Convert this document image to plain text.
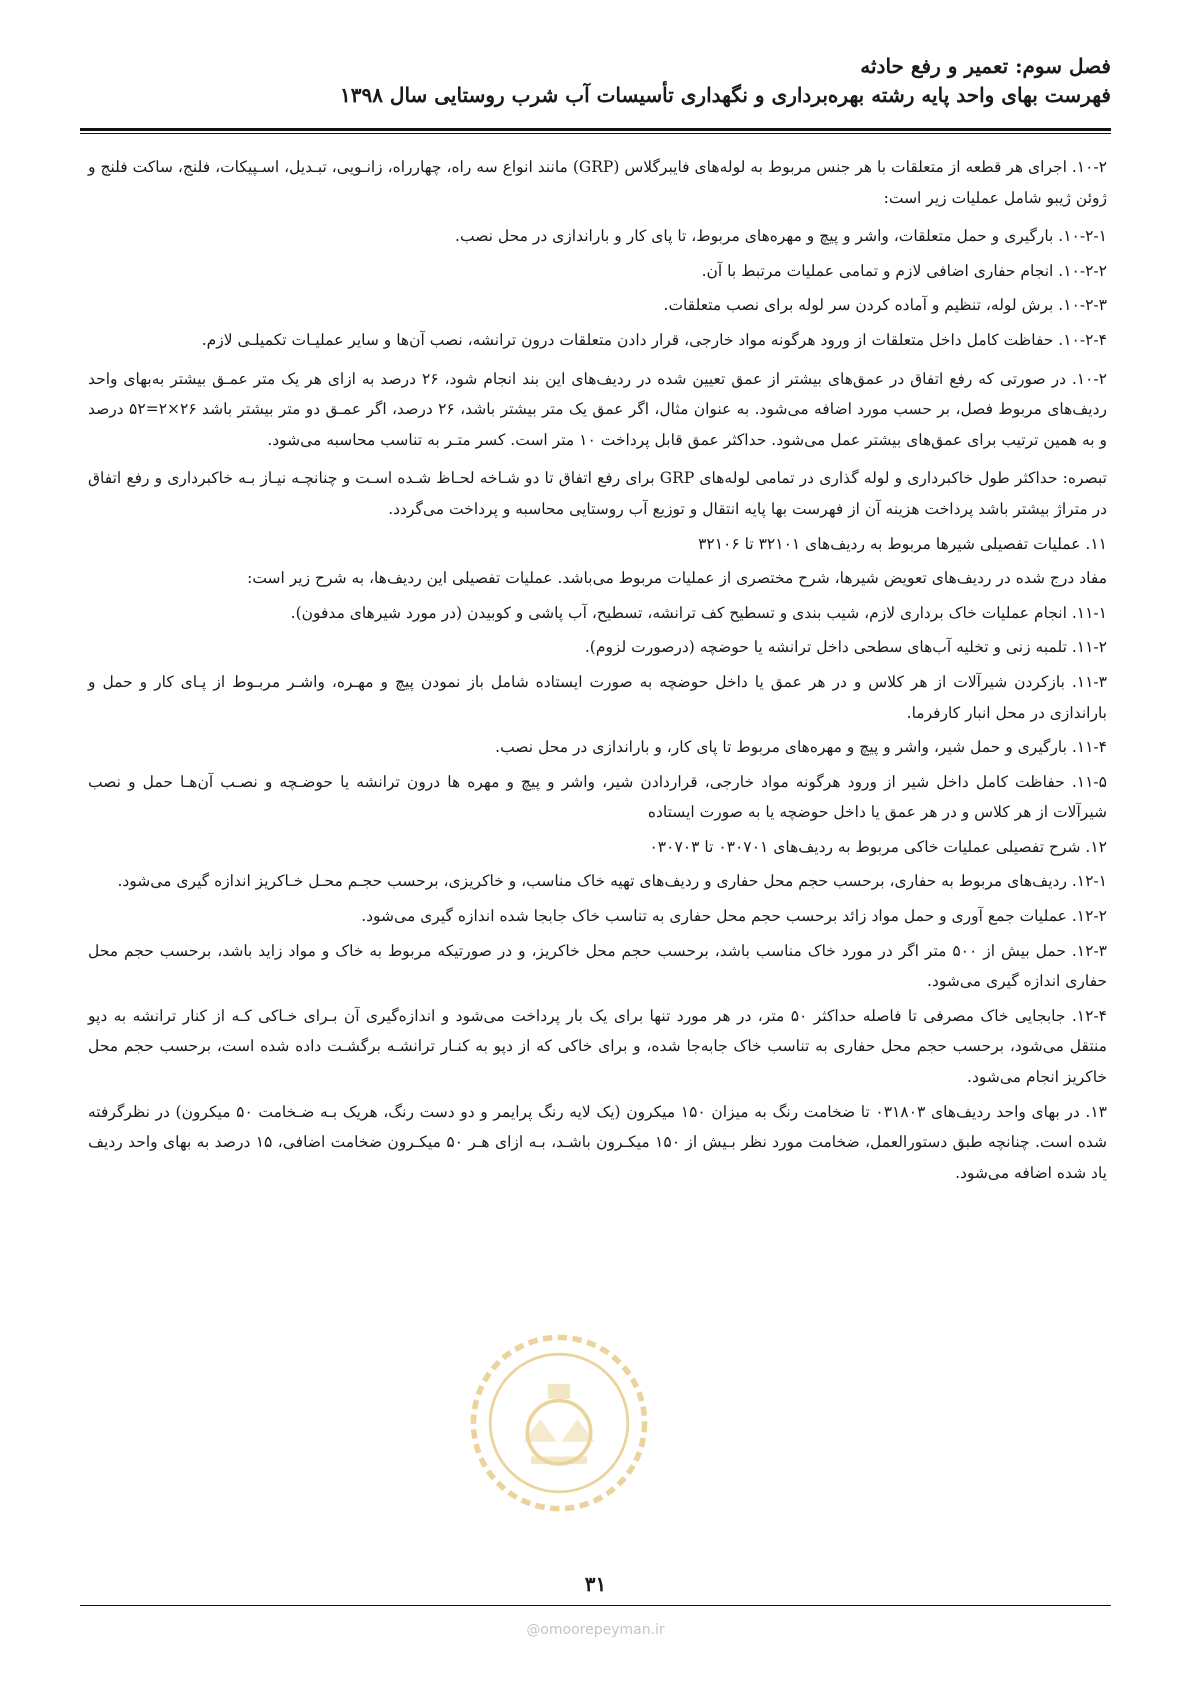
فصل سوم: تعمیر و رفع حادثه
فهرست بهای واحد پایه رشته بهره‌برداری و نگهداری تأسیسات آب شرب روستایی سال ۱۳۹۸

۱۰-۲. اجرای هر قطعه از متعلقات با هر جنس مربوط به لوله‌های فایبرگلاس (GRP) مانند انواع سه راه، چهارراه، زانـویی، تبـدیل، اسـپیکات، فلنج، ساکت فلنج و ژوئن ژیبو شامل عملیات زیر است:

۱۰-۲-۱. بارگیری و حمل متعلقات، واشر و پیچ و مهره‌های مربوط، تا پای کار و باراندازی در محل نصب.

۱۰-۲-۲. انجام حفاری اضافی لازم و تمامی عملیات مرتبط با آن.

۱۰-۲-۳. برش لوله، تنظیم و آماده کردن سر لوله برای نصب متعلقات.

۱۰-۲-۴. حفاظت کامل داخل متعلقات از ورود هرگونه مواد خارجی، قرار دادن متعلقات درون ترانشه، نصب آن‌ها و سایر عملیـات تکمیلـی لازم.

۱۰-۲. در صورتی که رفع اتفاق در عمق‌های بیشتر از عمق تعیین شده در ردیف‌های این بند انجام شود، ۲۶ درصد به ازای هر یک متر عمـق بیشتر به‌بهای واحد ردیف‌های مربوط فصل، بر حسب مورد اضافه می‌شود. به عنوان مثال، اگر عمق یک متر بیشتر باشد، ۲۶ درصد، اگر عمـق دو متر بیشتر باشد ۲۶×۲=۵۲ درصد و به همین ترتیب برای عمق‌های بیشتر عمل می‌شود. حداکثر عمق قابل پرداخت ۱۰ متر است. کسر متـر به تناسب محاسبه می‌شود.

تبصره: حداکثر طول خاکبرداری و لوله گذاری در تمامی لوله‌های GRP برای رفع اتفاق تا دو شـاخه لحـاظ شـده اسـت و چنانچـه نیـاز بـه خاکبرداری و رفع اتفاق در متراژ بیشتر باشد پرداخت هزینه آن از فهرست بها پایه انتقال و توزیع آب روستایی محاسبه و پرداخت می‌گردد.

۱۱. عملیات تفصیلی شیرها مربوط به ردیف‌های ۳۲۱۰۱ تا ۳۲۱۰۶

مفاد درج شده در ردیف‌های تعویض شیرها، شرح مختصری از عملیات مربوط می‌باشد. عملیات تفصیلی این ردیف‌ها، به شرح زیر است:

۱۱-۱. انجام عملیات خاک برداری لازم، شیب بندی و تسطیح کف ترانشه، تسطیح، آب پاشی و کوبیدن (در مورد شیرهای مدفون).

۱۱-۲. تلمبه زنی و تخلیه آب‌های سطحی داخل ترانشه یا حوضچه (درصورت لزوم).

۱۱-۳. بازکردن شیرآلات از هر کلاس و در هر عمق یا داخل حوضچه به صورت ایستاده شامل باز نمودن پیچ و مهـره، واشـر مربـوط از پـای کار و حمل و باراندازی در محل انبار کارفرما.

۱۱-۴. بارگیری و حمل شیر، واشر و پیچ و مهره‌های مربوط تا پای کار، و باراندازی در محل نصب.

۱۱-۵. حفاظت کامل داخل شیر از ورود هرگونه مواد خارجی، قراردادن شیر، واشر و پیچ و مهره ها درون ترانشه یا حوضـچه و نصـب آن‌هـا حمل و نصب شیرآلات از هر کلاس و در هر عمق یا داخل حوضچه یا به صورت ایستاده

۱۲. شرح تفصیلی عملیات خاکی مربوط به ردیف‌های ۰۳۰۷۰۱ تا ۰۳۰۷۰۳

۱۲-۱. ردیف‌های مربوط به حفاری، برحسب حجم محل حفاری و ردیف‌های تهیه خاک مناسب، و خاکریزی، برحسب حجـم محـل خـاکریز اندازه گیری می‌شود.

۱۲-۲. عملیات جمع آوری و حمل مواد زائد برحسب حجم محل حفاری به تناسب خاک جابجا شده اندازه گیری می‌شود.

۱۲-۳. حمل بیش از ۵۰۰ متر اگر در مورد خاک مناسب باشد، برحسب حجم محل خاکریز، و در صورتیکه مربوط به خاک و مواد زاید باشد، برحسب حجم محل حفاری اندازه گیری می‌شود.

۱۲-۴. جابجایی خاک مصرفی تا فاصله حداکثر ۵۰ متر، در هر مورد تنها برای یک بار پرداخت می‌شود و اندازه‌گیری آن بـرای خـاکی کـه از کنار ترانشه به دپو منتقل می‌شود، برحسب حجم محل حفاری به تناسب خاک جابه‌جا شده، و برای خاکی که از دپو به کنـار ترانشـه برگشـت داده شده است، برحسب حجم محل خاکریز انجام می‌شود.

۱۳. در بهای واحد ردیف‌های ۰۳۱۸۰۳ تا ضخامت رنگ به میزان ۱۵۰ میکرون (یک لایه رنگ پرایمر و دو دست رنگ، هریک بـه ضـخامت ۵۰ میکرون) در نظرگرفته شده است. چنانچه طبق دستورالعمل، ضخامت مورد نظر بـیش از ۱۵۰ میکـرون باشـد، بـه ازای هـر ۵۰ میکـرون ضخامت اضافی، ۱۵ درصد به بهای واحد ردیف یاد شده اضافه می‌شود.

۳۱
@omoorepeyman.ir
